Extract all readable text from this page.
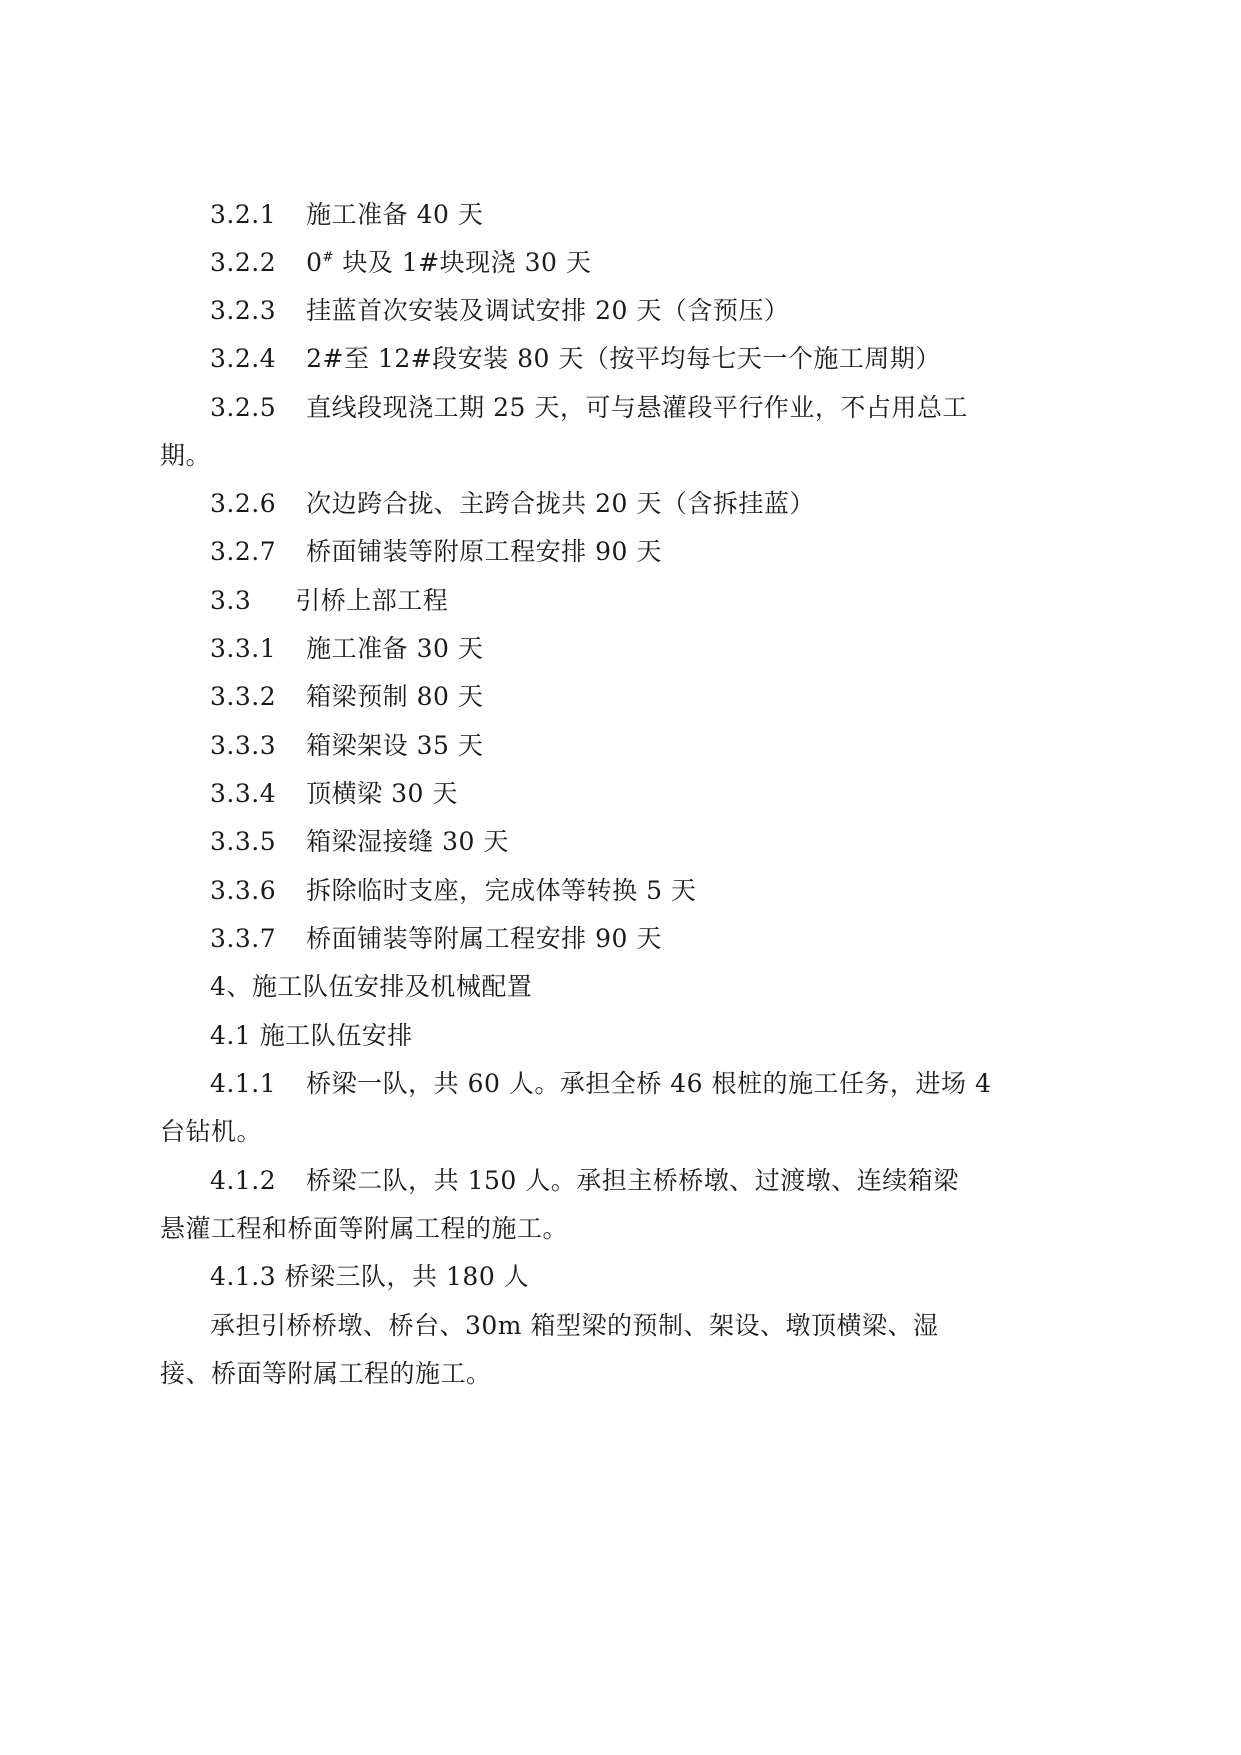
3.2.1 施工准备 40 天
3.2.2 0# 块及 1#块现浇 30 天
3.2.3 挂蓝首次安装及调试安排 20 天（含预压）
3.2.4 2#至 12#段安装 80 天（按平均每七天一个施工周期）
3.2.5 直线段现浇工期 25 天，可与悬灌段平行作业，不占用总工
期。
3.2.6 次边跨合拢、主跨合拢共 20 天（含拆挂蓝）
3.2.7 桥面铺装等附原工程安排 90 天
3.3 引桥上部工程
3.3.1 施工准备 30 天
3.3.2 箱梁预制 80 天
3.3.3 箱梁架设 35 天
3.3.4 顶横梁 30 天
3.3.5 箱梁湿接缝 30 天
3.3.6 拆除临时支座，完成体等转换 5 天
3.3.7 桥面铺装等附属工程安排 90 天
4、施工队伍安排及机械配置
4.1 施工队伍安排
4.1.1 桥梁一队，共 60 人。承担全桥 46 根桩的施工任务，进场 4
台钻机。
4.1.2 桥梁二队，共 150 人。承担主桥桥墩、过渡墩、连续箱梁
悬灌工程和桥面等附属工程的施工。
4.1.3 桥梁三队，共 180 人
承担引桥桥墩、桥台、30m 箱型梁的预制、架设、墩顶横梁、湿
接、桥面等附属工程的施工。
